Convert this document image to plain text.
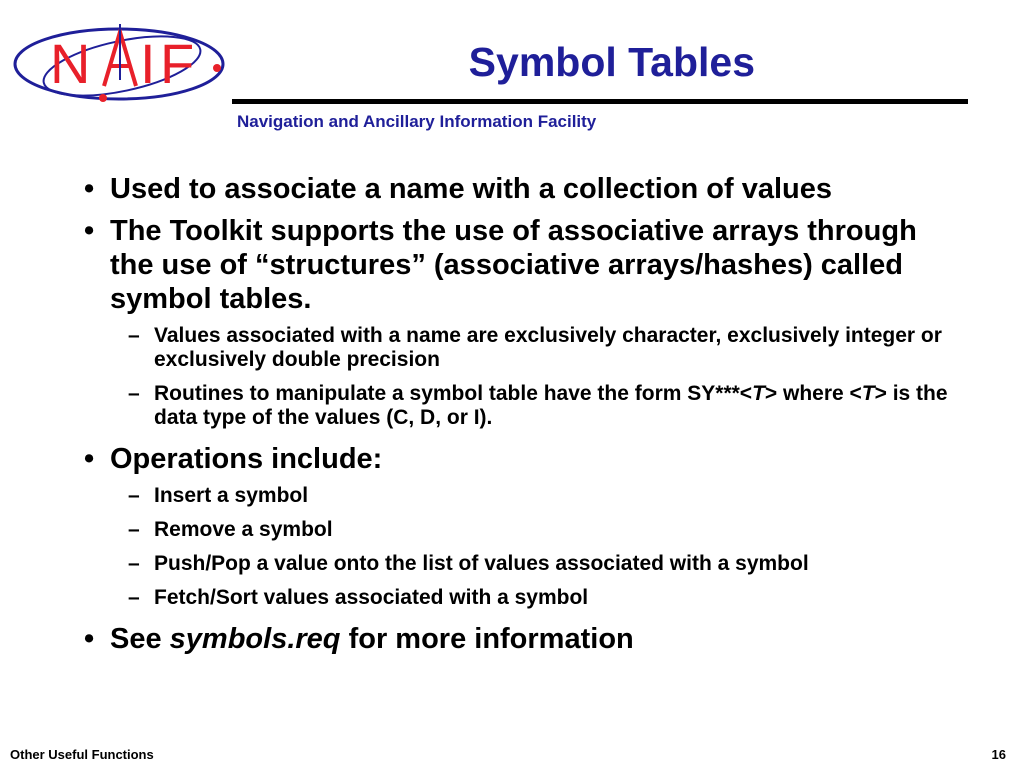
N I F	Symbol Tables
Navigation and Ancillary Information Facility
• Used to associate a name with a collection of values
• The Toolkit supports the use of associative arrays through the use of “structures” (associative arrays/hashes) called symbol tables.
– Values associated with a name are exclusively character, exclusively integer or exclusively double precision
– Routines to manipulate a symbol table have the form SY***<T> where <T> is the data type of the values (C, D, or I).
• Operations include:
– Insert a symbol
– Remove a symbol
– Push/Pop a value onto the list of values associated with a symbol
– Fetch/Sort values associated with a symbol
• See symbols.req for more information
Other Useful Functions	16
